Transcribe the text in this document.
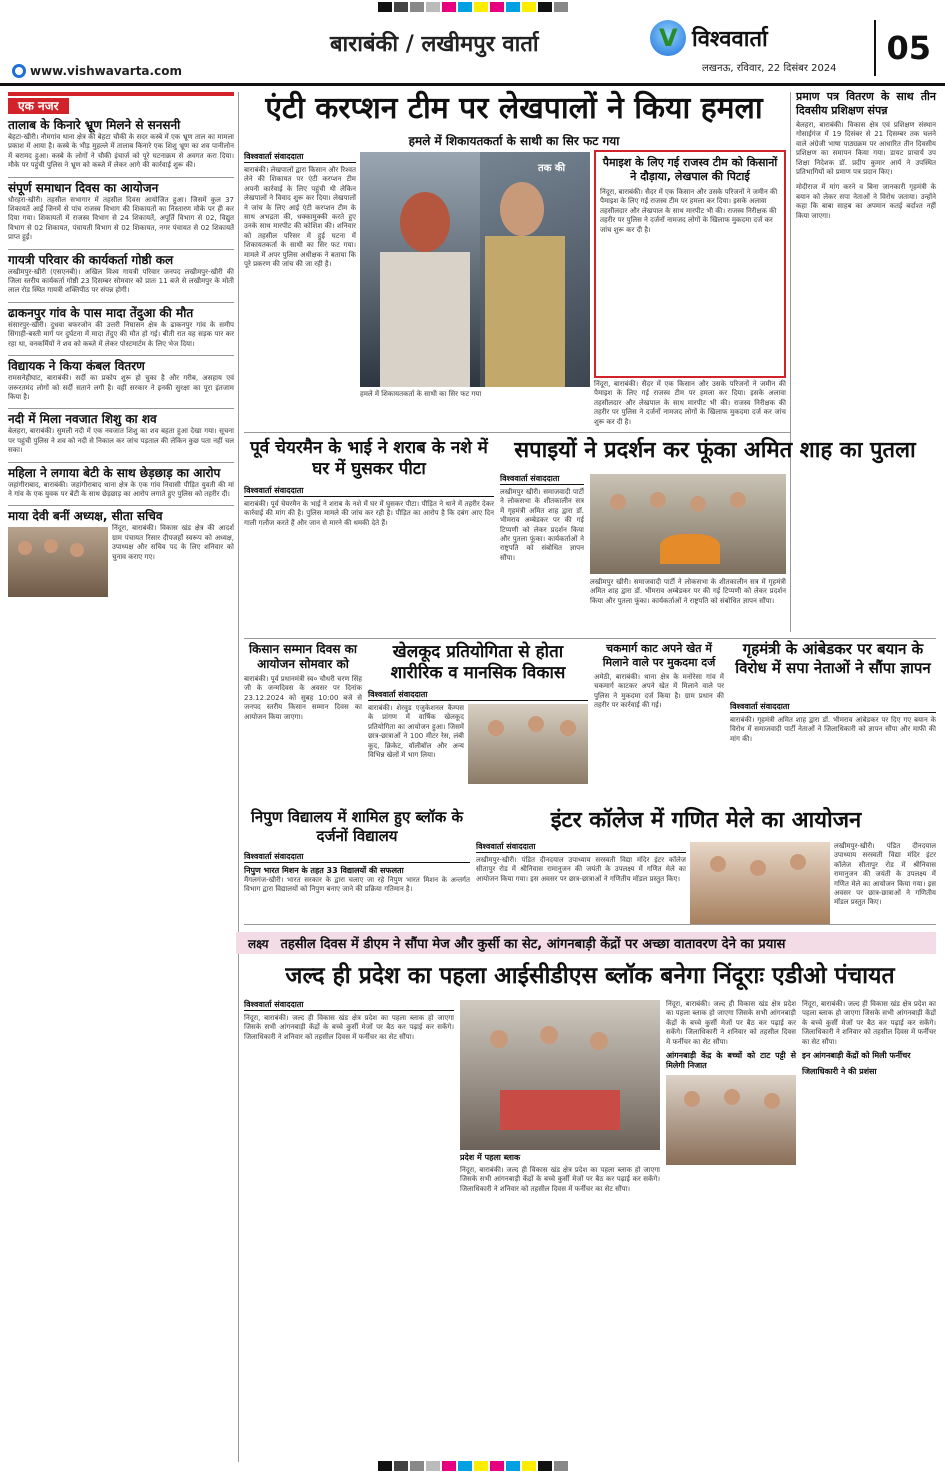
बाराबंकी / लखीमपुर वार्ता
www.vishwavarta.com
V
विश्ववार्ता
लखनऊ, रविवार, 22 दिसंबर 2024
05
एक नजर
तालाब के किनारे भ्रूण मिलने से सनसनी
बेहटा-खीरी। नौमगांव थाना क्षेत्र की बेहटा चौकी के सदर कस्बे में एक भ्रूण ताल का मामला प्रकाश में आया है। कस्बे के भीड़ मुहल्ले में तालाब किनारे एक शिशु भ्रूण का शव पानीलोन में बरामद हुआ। कस्बे के लोगों ने चौकी इंचार्ज को पूरे घटनाक्रम से अवगत करा दिया। मौके पर पहुंची पुलिस ने भ्रूण को कब्जे में लेकर आगे की कार्रवाई शुरू की।
संपूर्ण समाधान दिवस का आयोजन
धौरहरा-खीरी। तहसील सभागार में तहसील दिवस आयोजित हुआ। जिसमें कुल 37 शिकायतें आईं जिनमें से पांच राजस्व विभाग की शिकायतों का निस्तारण मौके पर ही कर दिया गया। शिकायतों में राजस्व विभाग से 24 शिकायतें, अपूर्ति विभाग से 02, विद्युत विभाग से 02 शिकायत, पंचायती विभाग से 02 शिकायत, नगर पंचायत से 02 शिकायतें प्राप्त हुईं।
गायत्री परिवार की कार्यकर्ता गोष्ठी कल
लखीमपुर-खीरी (एसएनबी)। अखिल विश्व गायत्री परिवार जनपद लखीमपुर-खीरी की जिला स्तरीय कार्यकर्ता गोष्ठी 23 दिसम्बर सोमवार को प्रातः 11 बजे से लखीमपुर के मोती लाल रोड स्थित गायत्री शक्तिपीठ पर संपन्न होगी।
ढाकनपुर गांव के पास मादा तेंदुआ की मौत
संसारपुर-खीरी। दुधवा बफरजोन की उत्तरी निघासन क्षेत्र के ढाकनपुर गांव के समीप सिंगाही-बस्ती मार्ग पर दुर्घटना में मादा तेंदुए की मौत हो गई। बीती रात वह सड़क पार कर रहा था, वनकर्मियों ने शव को कब्जे में लेकर पोस्टमार्टम के लिए भेज दिया।
विद्यायक ने किया कंबल वितरण
रामसनेहीघाट, बाराबंकी। सर्दी का प्रकोप शुरू हो चुका है और गरीब, असहाय एवं जरूरतमंद लोगों को सर्दी सताने लगी है। वहीं सरकार ने इनकी सुरक्षा का पूरा इंतजाम किया है।
नदी में मिला नवजात शिशु का शव
बेलहरा, बाराबंकी। सुमली नदी में एक नवजात शिशु का शव बहता हुआ देखा गया। सूचना पर पहुंची पुलिस ने शव को नदी से निकाल कर जांच पड़ताल की लेकिन कुछ पता नहीं चल सका।
महिला ने लगाया बेटी के साथ छेड़छाड़ का आरोप
जहांगीराबाद, बाराबंकी। जहांगीराबाद थाना क्षेत्र के एक गांव निवासी पीड़ित युवती की मां ने गांव के एक युवक पर बेटी के साथ छेड़छाड़ का आरोप लगाते हुए पुलिस को तहरीर दी।
माया देवी बनीं अध्यक्ष, सीता सचिव
निंदूरा, बाराबंकी। विकास खंड क्षेत्र की आदर्श ग्राम पंचायत रिसार दीपजहाँ स्वरूप को अध्यक्ष, उपाध्यक्ष और सचिव पद के लिए शनिवार को चुनाव कराए गए।
एंटी करप्शन टीम पर लेखपालों ने किया हमला
हमले में शिकायतकर्ता के साथी का सिर फट गया
विश्ववार्ता संवाददाता
बाराबंकी। लेखपालों द्वारा किसान और रिश्वत लेने की शिकायत पर एंटी करप्शन टीम अपनी कार्रवाई के लिए पहुंची थी लेकिन लेखपालों ने विवाद शुरू कर दिया। लेखपालों ने जांच के लिए आई एंटी करप्शन टीम के साथ अभद्रता की, धक्कामुक्की करते हुए उनके साथ मारपीट की कोशिश की। शनिवार को तहसील परिसर में हुई घटना में शिकायतकर्ता के साथी का सिर फट गया। मामले में अपर पुलिस अधीक्षक ने बताया कि पूरे प्रकरण की जांच की जा रही है।
तक की
हमले में शिकायतकर्ता के साथी का सिर फट गया
पैमाइश के लिए गई राजस्व टीम को किसानों ने दौड़ाया, लेखपाल की पिटाई
निंदूरा, बाराबंकी। सैदर में एक किसान और उसके परिजनों ने जमीन की पैमाइश के लिए गई राजस्व टीम पर हमला कर दिया। इसके अलावा तहसीलदार और लेखपाल के साथ मारपीट भी की। राजस्व निरीक्षक की तहरीर पर पुलिस ने दर्जनों नामजद लोगों के खिलाफ मुकदमा दर्ज कर जांच शुरू कर दी है।
निंदूरा, बाराबंकी। सैदर में एक किसान और उसके परिजनों ने जमीन की पैमाइश के लिए गई राजस्व टीम पर हमला कर दिया। इसके अलावा तहसीलदार और लेखपाल के साथ मारपीट भी की। राजस्व निरीक्षक की तहरीर पर पुलिस ने दर्जनों नामजद लोगों के खिलाफ मुकदमा दर्ज कर जांच शुरू कर दी है।
प्रमाण पत्र वितरण के साथ तीन दिवसीय प्रशिक्षण संपन्न
बेलहरा, बाराबंकी। विकास क्षेत्र एवं प्रशिक्षण संस्थान गोसाईगंज में 19 दिसंबर से 21 दिसम्बर तक चलने वाले अंग्रेजी भाषा पाठ्यक्रम पर आधारित तीन दिवसीय प्रशिक्षण का समापन किया गया। डायट प्राचार्य उप शिक्षा निदेशक डॉ. प्रदीप कुमार आर्य ने उपस्थित प्रतिभागियों को प्रमाण पत्र प्रदान किए।
मोदीराज में मांग करने व बिना जानकारी गृहमंत्री के बयान को लेकर सपा नेताओं ने विरोध जताया। उन्होंने कहा कि बाबा साहब का अपमान कतई बर्दाश्त नहीं किया जाएगा।
पूर्व चेयरमैन के भाई ने शराब के नशे में घर में घुसकर पीटा
विश्ववार्ता संवाददाता
बाराबंकी। पूर्व चेयरमैन के भाई ने शराब के नशे में घर में घुसकर पीटा। पीड़ित ने थाने में तहरीर देकर कार्रवाई की मांग की है। पुलिस मामले की जांच कर रही है। पीड़ित का आरोप है कि दबंग आए दिन गाली गलौज करते हैं और जान से मारने की धमकी देते हैं।
सपाइयों ने प्रदर्शन कर फूंका अमित शाह का पुतला
विश्ववार्ता संवाददाता
लखीमपुर खीरी। समाजवादी पार्टी ने लोकसभा के शीतकालीन सत्र में गृहमंत्री अमित शाह द्वारा डॉ. भीमराव अम्बेडकर पर की गई टिप्पणी को लेकर प्रदर्शन किया और पुतला फूंका। कार्यकर्ताओं ने राष्ट्रपति को संबोधित ज्ञापन सौंपा।
लखीमपुर खीरी। समाजवादी पार्टी ने लोकसभा के शीतकालीन सत्र में गृहमंत्री अमित शाह द्वारा डॉ. भीमराव अम्बेडकर पर की गई टिप्पणी को लेकर प्रदर्शन किया और पुतला फूंका। कार्यकर्ताओं ने राष्ट्रपति को संबोधित ज्ञापन सौंपा।
किसान सम्मान दिवस का आयोजन सोमवार को
बाराबंकी। पूर्व प्रधानमंत्री स्व० चौधरी चरण सिंह जी के जन्मदिवस के अवसर पर दिनांक 23.12.2024 को सुबह 10:00 बजे से जनपद स्तरीय किसान सम्मान दिवस का आयोजन किया जाएगा।
खेलकूद प्रतियोगिता से होता शारीरिक व मानसिक विकास
विश्ववार्ता संवाददाता
बाराबंकी। शेरवुड एजुकेशनल कैम्पस के प्रांगण में वार्षिक खेलकूद प्रतियोगिता का आयोजन हुआ। जिसमें छात्र-छात्राओं ने 100 मीटर रेस, लंबी कूद, क्रिकेट, वॉलीबॉल और अन्य विभिन्न खेलों में भाग लिया।
चकमार्ग काट अपने खेत में मिलाने वाले पर मुकदमा दर्ज
अमेठी, बाराबंकी। थाना क्षेत्र के मनोरेसा गांव में चकमार्ग काटकर अपने खेत में मिलाने वाले पर पुलिस ने मुकदमा दर्ज किया है। ग्राम प्रधान की तहरीर पर कार्रवाई की गई।
गृहमंत्री के आंबेडकर पर बयान के विरोध में सपा नेताओं ने सौंपा ज्ञापन
विश्ववार्ता संवाददाता
बाराबंकी। गृहमंत्री अमित शाह द्वारा डॉ. भीमराव आंबेडकर पर दिए गए बयान के विरोध में समाजवादी पार्टी नेताओं ने जिलाधिकारी को ज्ञापन सौंपा और माफी की मांग की।
निपुण विद्यालय में शामिल हुए ब्लॉक के दर्जनों विद्यालय
विश्ववार्ता संवाददाता
निपुण भारत मिशन के तहत 33 विद्यालयों की सफलता
मैंगलगंज-खीरी। भारत सरकार के द्वारा चलाए जा रहे निपुण भारत मिशन के अन्तर्गत विभाग द्वारा विद्यालयों को निपुण बनाए जाने की प्रक्रिया गतिमान है।
इंटर कॉलेज में गणित मेले का आयोजन
विश्ववार्ता संवाददाता
लखीमपुर-खीरी। पंडित दीनदयाल उपाध्याय सरस्वती विद्या मंदिर इंटर कॉलेज सीतापुर रोड में श्रीनिवास रामानुजन की जयंती के उपलक्ष्य में गणित मेले का आयोजन किया गया। इस अवसर पर छात्र-छात्राओं ने गणितीय मॉडल प्रस्तुत किए।
लखीमपुर-खीरी। पंडित दीनदयाल उपाध्याय सरस्वती विद्या मंदिर इंटर कॉलेज सीतापुर रोड में श्रीनिवास रामानुजन की जयंती के उपलक्ष्य में गणित मेले का आयोजन किया गया। इस अवसर पर छात्र-छात्राओं ने गणितीय मॉडल प्रस्तुत किए।
लक्ष्य तहसील दिवस में डीएम ने सौंपा मेज और कुर्सी का सेट, आंगनबाड़ी केंद्रों पर अच्छा वातावरण देने का प्रयास
जल्द ही प्रदेश का पहला आईसीडीएस ब्लॉक बनेगा निंदूराः एडीओ पंचायत
विश्ववार्ता संवाददाता
निंदूरा, बाराबंकी। जल्द ही विकास खंड क्षेत्र प्रदेश का पहला ब्लाक हो जाएगा जिसके सभी आंगनबाड़ी केंद्रों के बच्चे कुर्सी मेजों पर बैठ कर पढ़ाई कर सकेंगे। जिलाधिकारी ने शनिवार को तहसील दिवस में फर्नीचर का सेट सौंपा।
प्रदेश में पहला ब्लाक
निंदूरा, बाराबंकी। जल्द ही विकास खंड क्षेत्र प्रदेश का पहला ब्लाक हो जाएगा जिसके सभी आंगनबाड़ी केंद्रों के बच्चे कुर्सी मेजों पर बैठ कर पढ़ाई कर सकेंगे। जिलाधिकारी ने शनिवार को तहसील दिवस में फर्नीचर का सेट सौंपा।
निंदूरा, बाराबंकी। जल्द ही विकास खंड क्षेत्र प्रदेश का पहला ब्लाक हो जाएगा जिसके सभी आंगनबाड़ी केंद्रों के बच्चे कुर्सी मेजों पर बैठ कर पढ़ाई कर सकेंगे। जिलाधिकारी ने शनिवार को तहसील दिवस में फर्नीचर का सेट सौंपा।
आंगनबाड़ी केंद्र के बच्चों को टाट पट्टी से मिलेगी निजात
निंदूरा, बाराबंकी। जल्द ही विकास खंड क्षेत्र प्रदेश का पहला ब्लाक हो जाएगा जिसके सभी आंगनबाड़ी केंद्रों के बच्चे कुर्सी मेजों पर बैठ कर पढ़ाई कर सकेंगे। जिलाधिकारी ने शनिवार को तहसील दिवस में फर्नीचर का सेट सौंपा।
इन आंगनबाड़ी केंद्रों को मिली फर्नीचर
जिलाधिकारी ने की प्रशंसा
